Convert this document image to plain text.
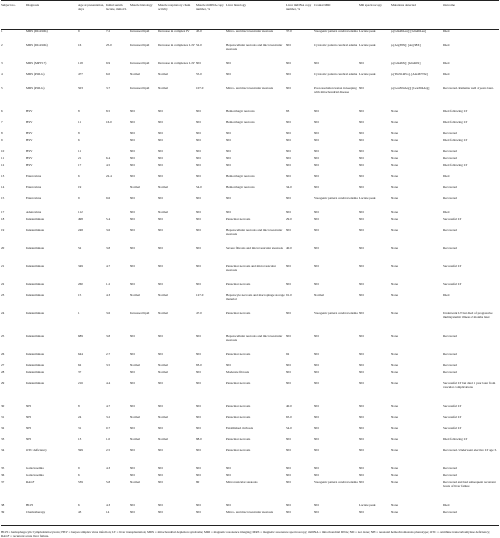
Subject no.	Diagnosis	Age at presentation, days	Initial serum lactate, mmol/L	Muscle histology	Muscle respiratory chain activity	Muscle mtDNA copy number, %	Liver histology	Liver mtDNA copy number, %	Cranial MRI	MR spectroscopy	Mutations detected	Outcome
1	MDS (DGUOK)	9	7.2	Increased lipid	Decrease in complex IV	45.0	Micro- and macrovesicular steatosis	37.0	Vasogenic pattern cerebral edema	Lactate peak	p.[Gln46Leu]; [Gln46Leu]	Died
2	MDS (DGUOK)	16	25.0	Increased lipid	Decrease in complexes I–IV	52.0	Hepatocellular necrosis and microvesicular steatosis	ND	Cytotoxic pattern cerebral edema	Lactate peak	p.[Arg38X]; [Arg38X]	Died
3	MDS (MPV17)	118	9.9	Increased lipid	Decrease in complexes I–IV	ND	ND	ND	ND	ND	p.[Gln46X]; [Gln46X]	Died
4	MDS (POLG)	477	6.0	Normal	Normal	55.0	ND	ND	Cytotoxic pattern cerebral edema	Lactate peak	p.[Thr914Pro], [Ala467Thr]	Died
5	MDS (POLG)	503	3.7	Increased lipid	Normal	107.0	Micro- and macrovesicular steatosis	ND	Post-resolution lesion in keeping with mitochondrial disease	ND	p.[Leu304Arg]; [Leu304Arg]	Recovered. Remains well 4 years later.
6	HSV	8	8.5	ND	ND	ND	Hemorrhagic necrosis	83	ND	ND	None	Died following LT
7	HSV	11	16.0	ND	ND	ND	Hemorrhagic necrosis	ND	ND	ND	None	Died following LT
8	HSV	8		ND	ND	ND	ND	ND	ND	ND	None	Recovered
9	HSV	6		ND	ND	ND	ND	ND	ND	ND	None	Died following LT
10	HSV	11		ND	ND	ND	ND	ND	ND	ND	None	Recovered
11	HSV	21	6.4	ND	ND	ND	ND	ND	ND	ND	None	Recovered
12	HSV	17	4.5	ND	ND	ND	ND	ND	ND	ND	None	Died following LT
13	Enterovirus	6	22.4	ND	ND	ND	Hemorrhagic necrosis	ND	ND	ND	None	Died
14	Enterovirus	19		Normal	Normal	54.0	Hemorrhagic necrosis	34.0	ND	ND	None	Recovered
15	Enterovirus	9	9.6	ND	ND	ND	ND	ND	Vasogenic pattern cerebral edema	Lactate peak	None	Recovered
17	Adenovirus	112		ND	Normal	ND	ND	ND	ND	ND	None	Died
18	Indeterminate	498	5.4	ND	ND	ND	Panacinar necrosis	29.0	ND	ND	None	Successful LT
19	Indeterminate	248	3.6	ND	ND	ND	Hepatocellular necrosis and microvesicular steatosis	ND	ND	ND	None	Recovered
20	Indeterminate	52	3.8	ND	ND	ND	Severe fibrosis and microvesicular steatosis	40.0	ND	ND	None	Recovered
21	Indeterminate	349	4.7	ND	ND	ND	Panacinar necrosis and microvesicular steatosis	ND	ND	ND	None	Successful LT
22	Indeterminate	260	1.2	ND	ND	ND	Panacinar necrosis	ND	ND	ND	None	Successful LT
23	Indeterminate	15	4.3	Normal	Normal	127.0	Hepatocyte necrosis and macrophage storage material	91.0	Normal	ND	None	Died
24	Indeterminate	1	3.6	Increased lipid	Normal	47.0	Panacinar necrosis	ND	Vasogenic pattern cerebral edema	ND	None	Underwent LT but died of progressive multisystemic illness 2 months later
25	Indeterminate	689	3.8	ND	ND	ND	Hepatocellular necrosis and microvesicular steatosis	ND	ND	ND	None	Recovered
26	Indeterminate	644	2.7	ND	ND	ND	Panacinar necrosis	92	ND	ND	None	Recovered
27	Indeterminate	62	3.5	Normal	Normal	83.0	ND	ND	ND	ND	None	Recovered
28	Indeterminate	37		ND	Normal	ND	Moderate fibrosis	ND	ND	ND	None	Recovered
29	Indeterminate	216	4.4	ND	ND	ND	Panacinar necrosis	ND	ND	ND	None	Successful LT but died 1 year later from vascular complications
30	NH	8	4.7	ND	ND	ND	Panacinar necrosis	40.0	ND	ND	None	Successful LT
31	NH	24	3.2	Normal	Normal	ND	Panacinar necrosis	65.0	ND	ND	None	Successful LT
32	NH	31	0.7	ND	ND	ND	Established cirrhosis	54.0	ND	ND	None	Successful LT
33	NH	13	1.0	Normal	Normal	88.0	Panacinar necrosis	ND	ND	ND	None	Died following LT
34	OTC deficiency	599	2.5	ND	ND	ND	Panacinar necrosis	ND	ND	ND	None	Recovered. Underwent elective LT age 3.
35	Galactosemia	9	4.3	ND	ND	ND	ND	ND	ND	ND	None	Recovered
36	Galactosemia	6		ND	ND	ND	ND	ND	ND	ND	None	Recovered
37	RALF	539	5.8	Normal	ND	80	Microvesicular steatosis	ND	Vasogenic pattern cerebral edema	ND	None	Recovered and had subsequent recurrent bouts of liver failure
38	HLH	6	4.3	ND	ND	ND	ND	ND	ND	Lactate peak	None	Died
39	Chemotherapy	43	14	ND	ND	ND	Micro- and macrovesicular steatosis	ND	ND	ND	None	Recovered
HLH = hemophagocytic lymphohistiocytosis; HSV = herpes simplex virus infection; LT = liver transplantation; MDS = mitochondrial depletion syndrome; MRI = magnetic resonance imaging; MRS = magnetic resonance spectroscopy; mtDNA = mitochondrial DNA; ND = not done; NH = neonatal hemochromatosis phenotype; OTC = ornithine transcarbamylase deficiency; RALF = recurrent acute liver failure.
